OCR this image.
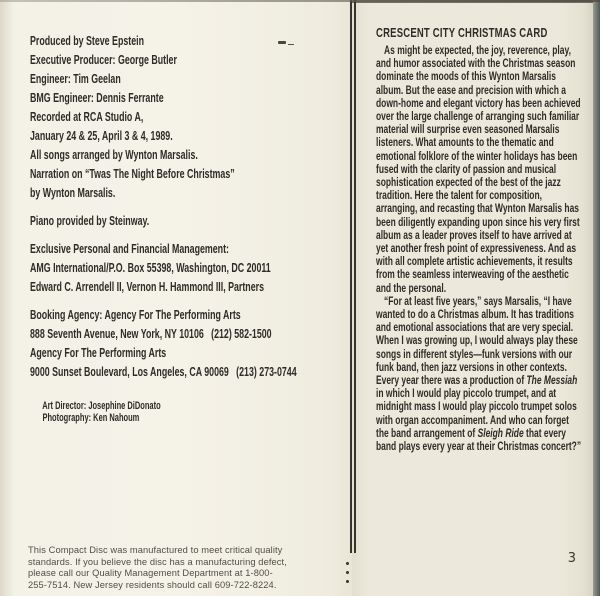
Produced by Steve Epstein
Executive Producer: George Butler
Engineer: Tim Geelan
BMG Engineer: Dennis Ferrante
Recorded at RCA Studio A,
January 24 & 25, April 3 & 4, 1989.
All songs arranged by Wynton Marsalis.
Narration on “Twas The Night Before Christmas”
by Wynton Marsalis.
Piano provided by Steinway.
Exclusive Personal and Financial Management:
AMG International/P.O. Box 55398, Washington, DC 20011
Edward C. Arrendell II, Vernon H. Hammond III, Partners
Booking Agency: Agency For The Performing Arts
888 Seventh Avenue, New York, NY 10106   (212) 582-1500
Agency For The Performing Arts
9000 Sunset Boulevard, Los Angeles, CA 90069   (213) 273-0744

Art Director: Josephine DiDonato
Photography: Ken Nahoum

This Compact Disc was manufactured to meet critical quality standards. If you believe the disc has a manufacturing defect, please call our Quality Management Department at 1-800-255-7514. New Jersey residents should call 609-722-8224.
CRESCENT CITY CHRISTMAS CARD

As might be expected, the joy, reverence, play, and humor associated with the Christmas season dominate the moods of this Wynton Marsalis album. But the ease and precision with which a down-home and elegant victory has been achieved over the large challenge of arranging such familiar material will surprise even seasoned Marsalis listeners. What amounts to the thematic and emotional folklore of the winter holidays has been fused with the clarity of passion and musical sophistication expected of the best of the jazz tradition. Here the talent for composition, arranging, and recasting that Wynton Marsalis has been diligently expanding upon since his very first album as a leader proves itself to have arrived at yet another fresh point of expressiveness. And as with all complete artistic achievements, it results from the seamless interweaving of the aesthetic and the personal.

“For at least five years,” says Marsalis, “I have wanted to do a Christmas album. It has traditions and emotional associations that are very special. When I was growing up, I would always play these songs in different styles—funk versions with our funk band, then jazz versions in other contexts. Every year there was a production of The Messiah in which I would play piccolo trumpet, and at midnight mass I would play piccolo trumpet solos with organ accompaniment. And who can forget the band arrangement of Sleigh Ride that every band plays every year at their Christmas concert?”

3
